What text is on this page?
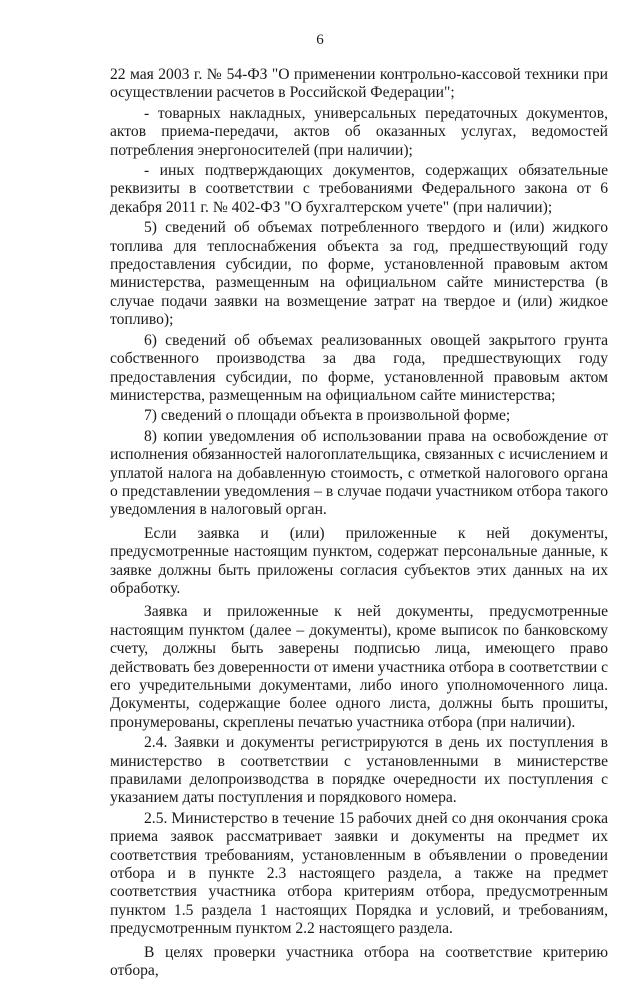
6

22 мая 2003 г. № 54-ФЗ "О применении контрольно-кассовой техники при осуществлении расчетов в Российской Федерации";

- товарных накладных, универсальных передаточных документов, актов приема-передачи, актов об оказанных услугах, ведомостей потребления энергоносителей (при наличии);

- иных подтверждающих документов, содержащих обязательные реквизиты в соответствии с требованиями Федерального закона от 6 декабря 2011 г. № 402-ФЗ "О бухгалтерском учете" (при наличии);

5) сведений об объемах потребленного твердого и (или) жидкого топлива для теплоснабжения объекта за год, предшествующий году предоставления субсидии, по форме, установленной правовым актом министерства, размещенным на официальном сайте министерства (в случае подачи заявки на возмещение затрат на твердое и (или) жидкое топливо);

6) сведений об объемах реализованных овощей закрытого грунта собственного производства за два года, предшествующих году предоставления субсидии, по форме, установленной правовым актом министерства, размещенным на официальном сайте министерства;

7) сведений о площади объекта в произвольной форме;

8) копии уведомления об использовании права на освобождение от исполнения обязанностей налогоплательщика, связанных с исчислением и уплатой налога на добавленную стоимость, с отметкой налогового органа о представлении уведомления – в случае подачи участником отбора такого уведомления в налоговый орган.

Если заявка и (или) приложенные к ней документы, предусмотренные настоящим пунктом, содержат персональные данные, к заявке должны быть приложены согласия субъектов этих данных на их обработку.

Заявка и приложенные к ней документы, предусмотренные настоящим пунктом (далее – документы), кроме выписок по банковскому счету, должны быть заверены подписью лица, имеющего право действовать без доверенности от имени участника отбора в соответствии с его учредительными документами, либо иного уполномоченного лица. Документы, содержащие более одного листа, должны быть прошиты, пронумерованы, скреплены печатью участника отбора (при наличии).

2.4. Заявки и документы регистрируются в день их поступления в министерство в соответствии с установленными в министерстве правилами делопроизводства в порядке очередности их поступления с указанием даты поступления и порядкового номера.

2.5. Министерство в течение 15 рабочих дней со дня окончания срока приема заявок рассматривает заявки и документы на предмет их соответствия требованиям, установленным в объявлении о проведении отбора и в пункте 2.3 настоящего раздела, а также на предмет соответствия участника отбора критериям отбора, предусмотренным пунктом 1.5 раздела 1 настоящих Порядка и условий, и требованиям, предусмотренным пунктом 2.2 настоящего раздела.

В целях проверки участника отбора на соответствие критерию отбора,
